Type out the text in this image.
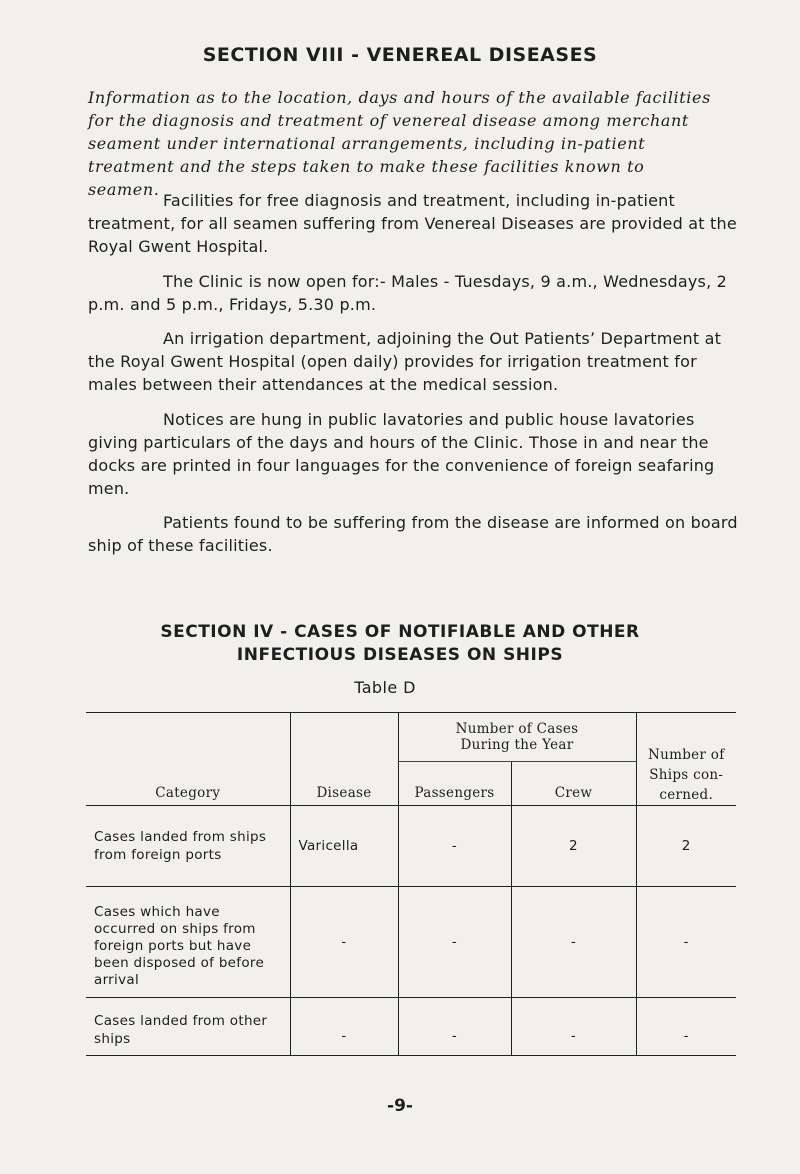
SECTION VIII - VENEREAL DISEASES
Information as to the location, days and hours of the available facilities for the diagnosis and treatment of venereal disease among merchant seament under international arrangements, including in-patient treatment and the steps taken to make these facilities known to seamen.

Facilities for free diagnosis and treatment, including in-patient treatment, for all seamen suffering from Venereal Diseases are provided at the Royal Gwent Hospital.

The Clinic is now open for:- Males - Tuesdays, 9 a.m., Wednesdays, 2 p.m. and 5 p.m., Fridays, 5.30 p.m.

An irrigation department, adjoining the Out Patients’ Department at the Royal Gwent Hospital (open daily) provides for irrigation treatment for males between their attendances at the medical session.

Notices are hung in public lavatories and public house lavatories giving particulars of the days and hours of the Clinic. Those in and near the docks are printed in four languages for the convenience of foreign seafaring men.

Patients found to be suffering from the disease are informed on board ship of these facilities.

SECTION IV - CASES OF NOTIFIABLE AND OTHER
INFECTIOUS DISEASES ON SHIPS
Table D
Category	Disease	Number of Cases During the Year		Number of Ships con- cerned.
		Passengers	Crew	
Cases landed from ships from foreign ports	Varicella	-	2	2
Cases which have occurred on ships from foreign ports but have been disposed of before arrival	-	-	-	-
Cases landed from other ships	-	-	-	-
-9-
